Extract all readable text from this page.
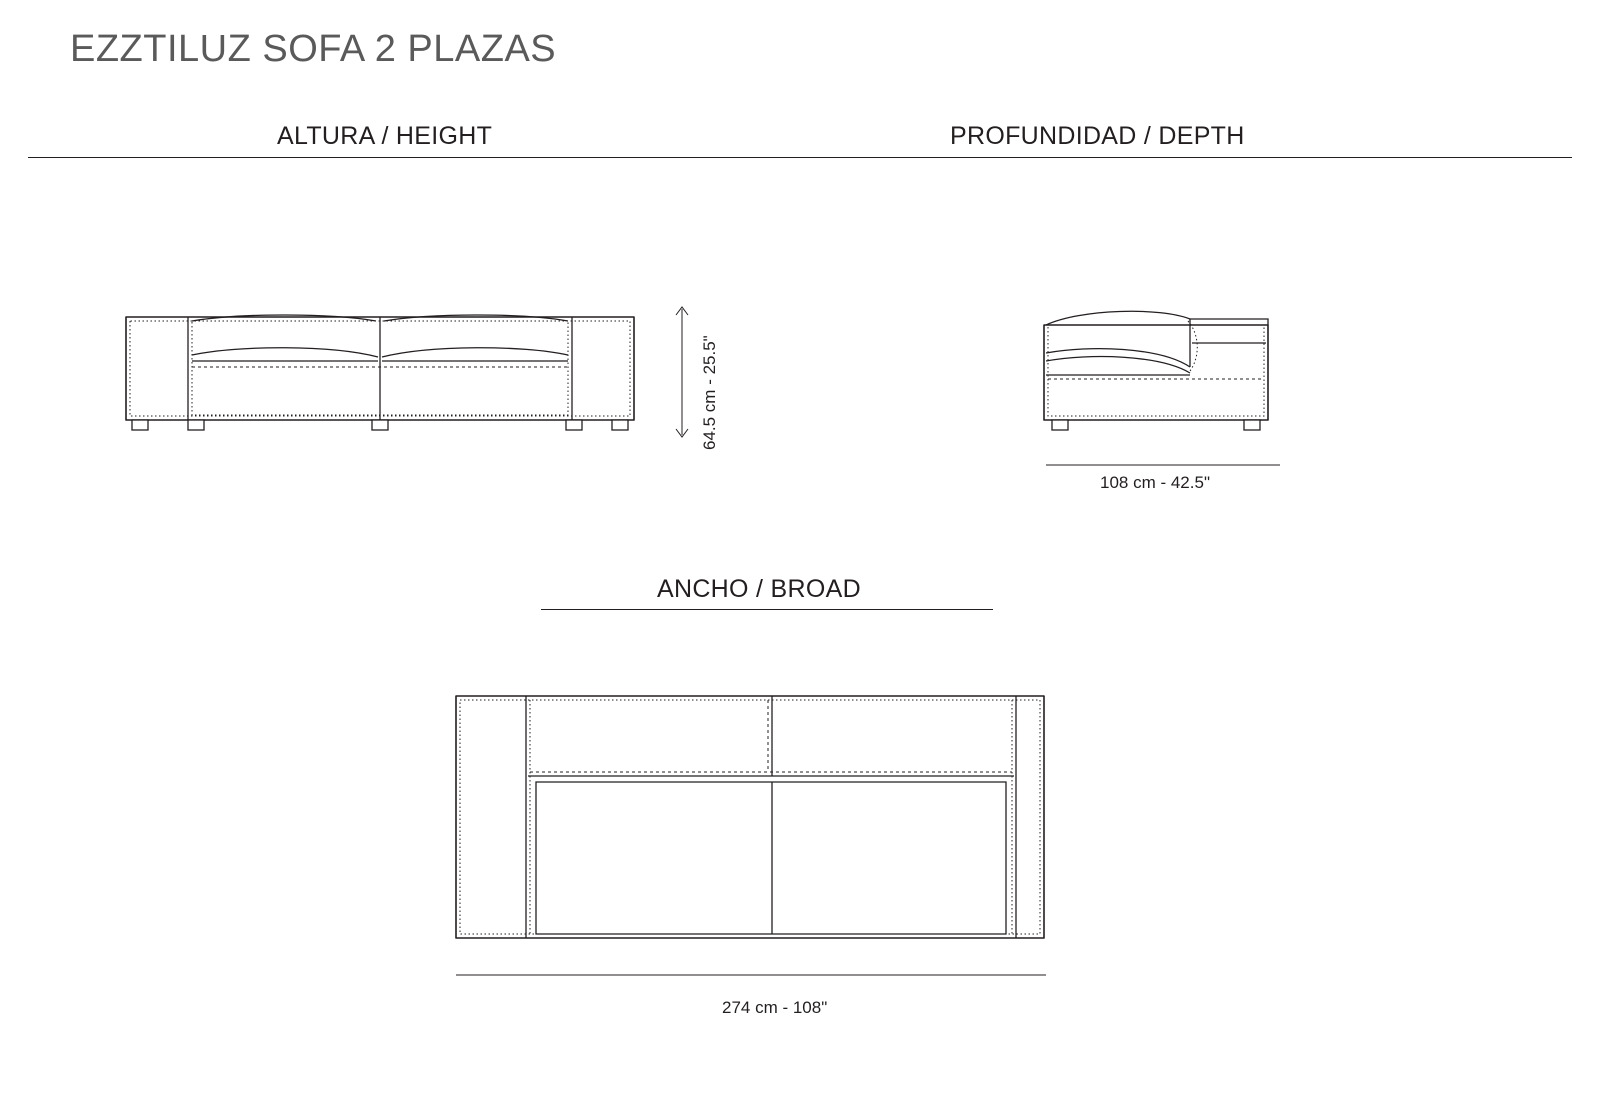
EZZTILUZ SOFA 2 PLAZAS
ALTURA / HEIGHT	PROFUNDIDAD / DEPTH
64.5 cm - 25.5"
108 cm - 42.5"
ANCHO / BROAD
274 cm - 108"
